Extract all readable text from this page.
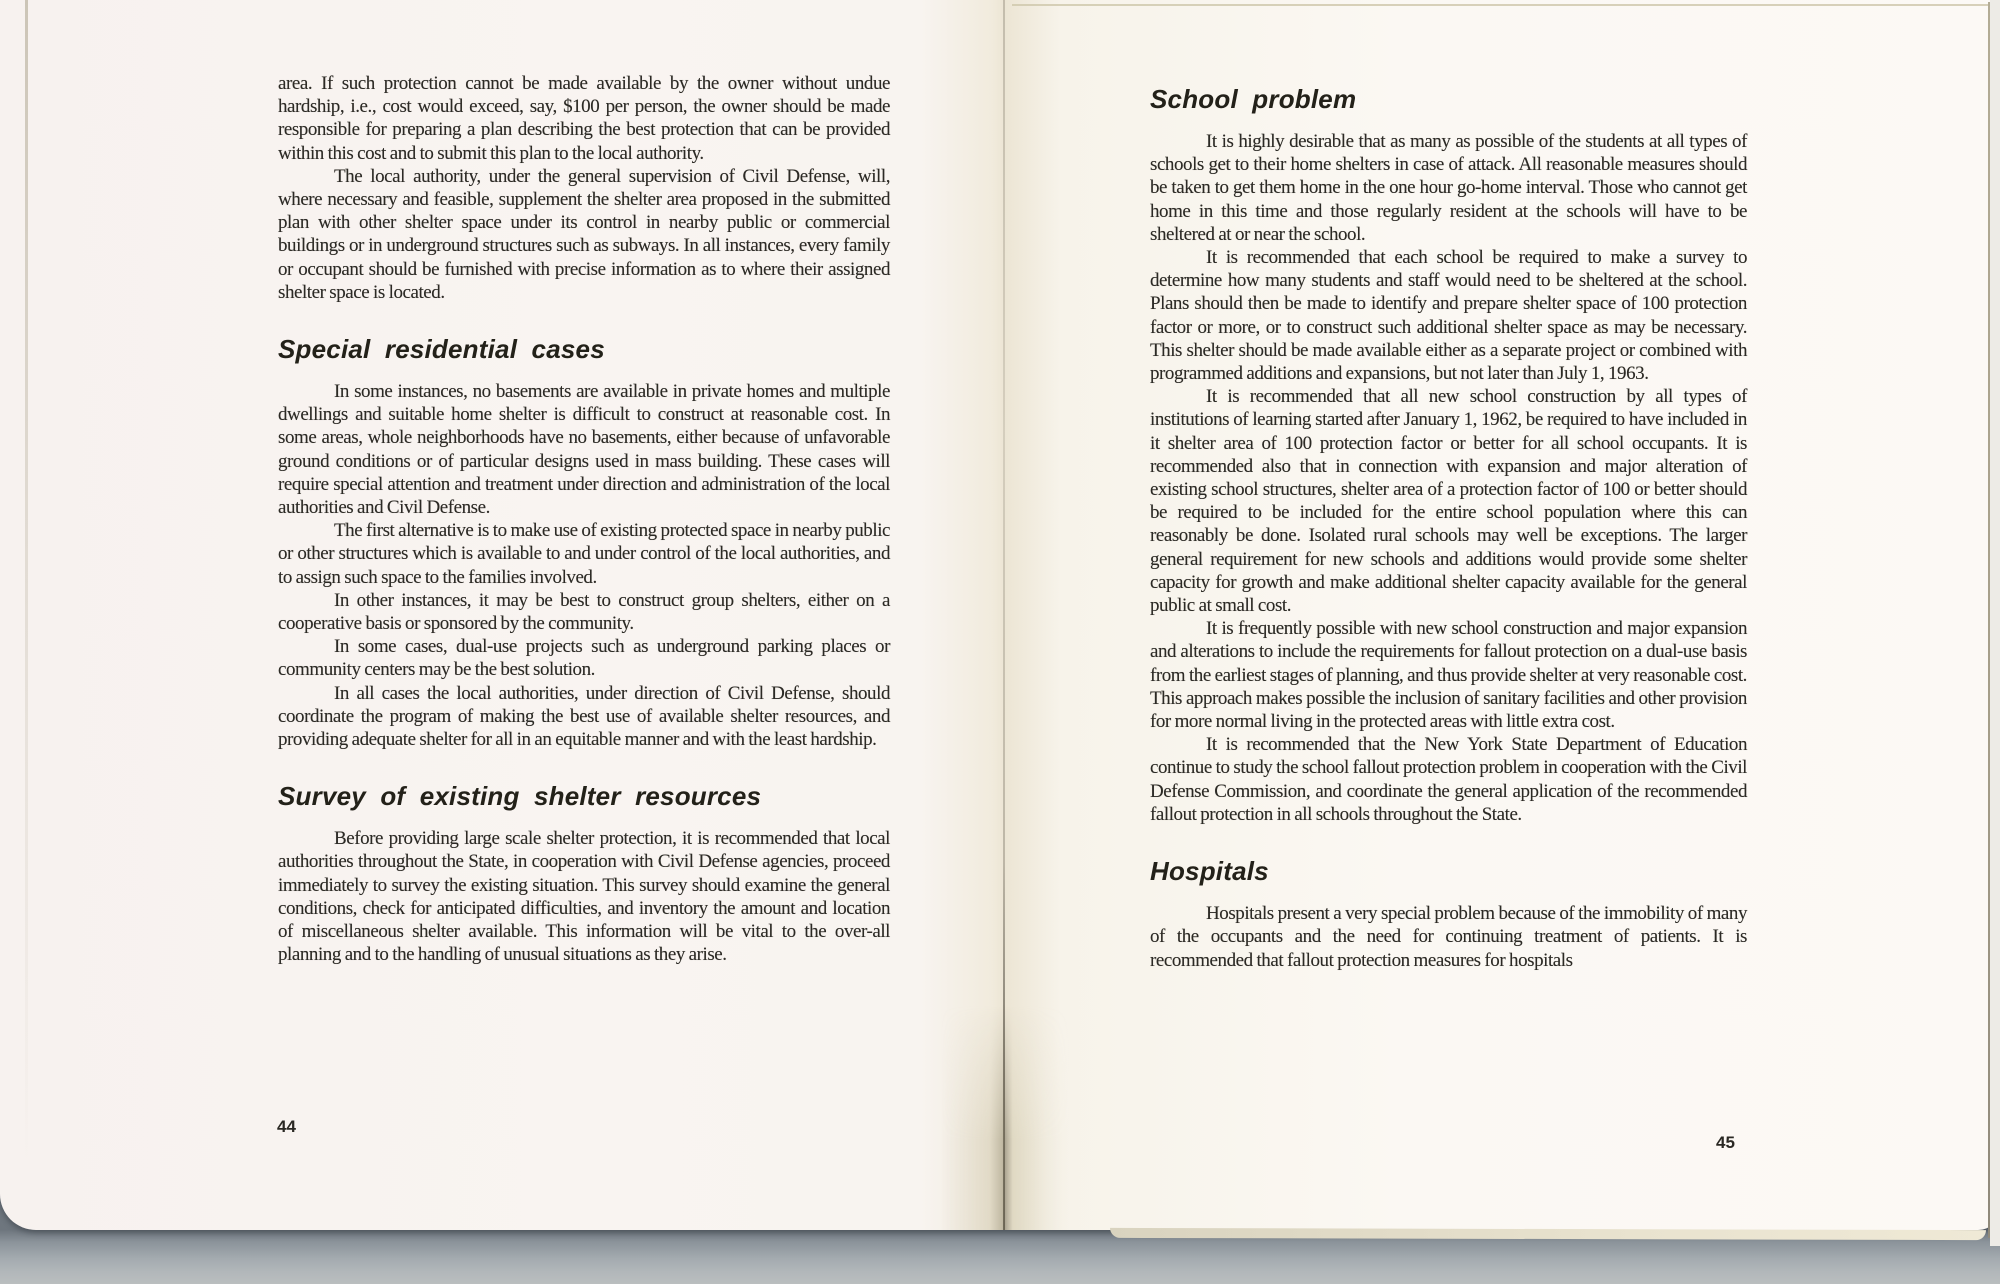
area. If such protection cannot be made available by the owner without undue hardship, i.e., cost would exceed, say, $100 per person, the owner should be made responsible for preparing a plan describing the best protection that can be provided within this cost and to submit this plan to the local authority.

The local authority, under the general supervision of Civil Defense, will, where necessary and feasible, supplement the shelter area proposed in the submitted plan with other shelter space under its control in nearby public or commercial buildings or in underground structures such as subways. In all instances, every family or occupant should be furnished with precise information as to where their assigned shelter space is located.

Special residential cases

In some instances, no basements are available in private homes and multiple dwellings and suitable home shelter is difficult to construct at reasonable cost. In some areas, whole neighborhoods have no basements, either because of unfavorable ground conditions or of particular designs used in mass building. These cases will require special attention and treatment under direction and administration of the local authorities and Civil Defense.

The first alternative is to make use of existing protected space in nearby public or other structures which is available to and under control of the local authorities, and to assign such space to the families involved.

In other instances, it may be best to construct group shelters, either on a cooperative basis or sponsored by the community.

In some cases, dual-use projects such as underground parking places or community centers may be the best solution.

In all cases the local authorities, under direction of Civil Defense, should coordinate the program of making the best use of available shelter resources, and providing adequate shelter for all in an equitable manner and with the least hardship.

Survey of existing shelter resources

Before providing large scale shelter protection, it is recommended that local authorities throughout the State, in cooperation with Civil Defense agencies, proceed immediately to survey the existing situation. This survey should examine the general conditions, check for anticipated difficulties, and inventory the amount and location of miscellaneous shelter available. This information will be vital to the over-all planning and to the handling of unusual situations as they arise.

School problem

It is highly desirable that as many as possible of the students at all types of schools get to their home shelters in case of attack. All reasonable measures should be taken to get them home in the one hour go-home interval. Those who cannot get home in this time and those regularly resident at the schools will have to be sheltered at or near the school.

It is recommended that each school be required to make a survey to determine how many students and staff would need to be sheltered at the school. Plans should then be made to identify and prepare shelter space of 100 protection factor or more, or to construct such additional shelter space as may be necessary. This shelter should be made available either as a separate project or combined with programmed additions and expansions, but not later than July 1, 1963.

It is recommended that all new school construction by all types of institutions of learning started after January 1, 1962, be required to have included in it shelter area of 100 protection factor or better for all school occupants. It is recommended also that in connection with expansion and major alteration of existing school structures, shelter area of a protection factor of 100 or better should be required to be included for the entire school population where this can reasonably be done. Isolated rural schools may well be exceptions. The larger general requirement for new schools and additions would provide some shelter capacity for growth and make additional shelter capacity available for the general public at small cost.

It is frequently possible with new school construction and major expansion and alterations to include the requirements for fallout protection on a dual-use basis from the earliest stages of planning, and thus provide shelter at very reasonable cost. This approach makes possible the inclusion of sanitary facilities and other provision for more normal living in the protected areas with little extra cost.

It is recommended that the New York State Department of Education continue to study the school fallout protection problem in cooperation with the Civil Defense Commission, and coordinate the general application of the recommended fallout protection in all schools throughout the State.

Hospitals

Hospitals present a very special problem because of the immobility of many of the occupants and the need for continuing treatment of patients. It is recommended that fallout protection measures for hospitals

44
45
